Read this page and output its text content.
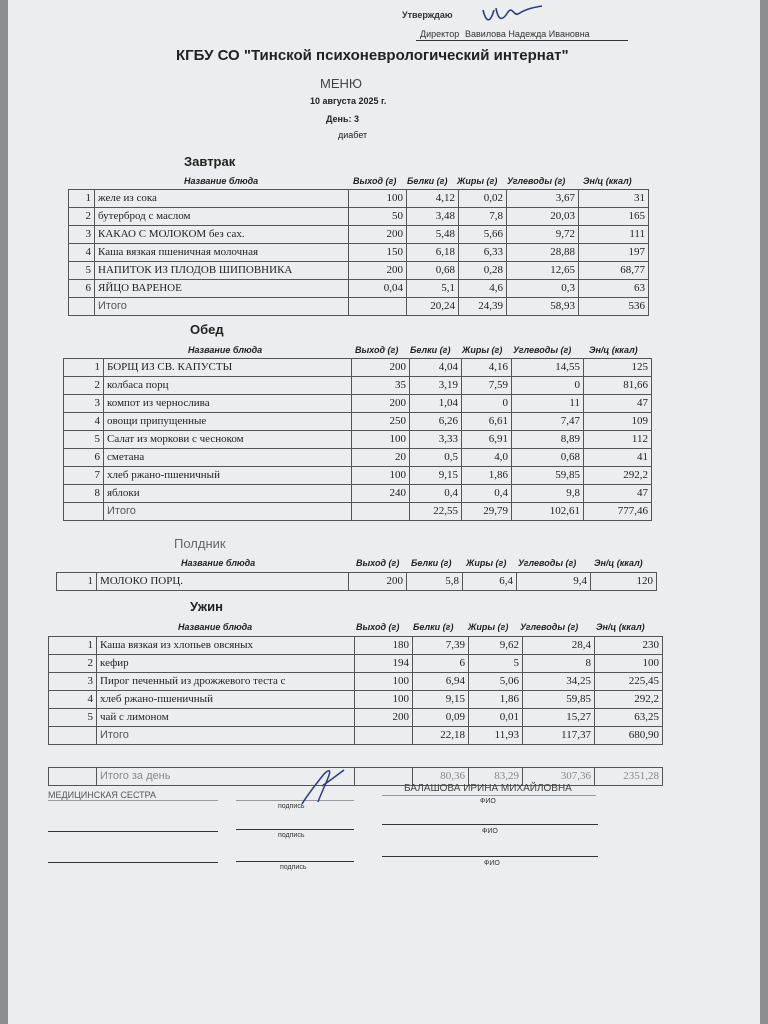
Утверждаю
Директор Вавилова Надежда Ивановна
КГБУ СО "Тинской психоневрологический интернат"
МЕНЮ
10 августа 2025 г.
День: 3
диабет
Завтрак
Название блюда	Выход (г) Белки (г) Жиры (г) Углеводы (г) Эн/ц (ккал)
1	желе из сока	100	4,12	0,02	3,67	31
2	бутерброд с маслом	50	3,48	7,8	20,03	165
3	КАКАО С МОЛОКОМ без сах.	200	5,48	5,66	9,72	111
4	Каша вязкая пшеничная молочная	150	6,18	6,33	28,88	197
5	НАПИТОК ИЗ ПЛОДОВ ШИПОВНИКА	200	0,68	0,28	12,65	68,77
6	ЯЙЦО ВАРЕНОЕ	0,04	5,1	4,6	0,3	63
	Итого		20,24	24,39	58,93	536
Обед
Название блюда	Выход (г) Белки (г) Жиры (г) Углеводы (г) Эн/ц (ккал)
1	БОРЩ ИЗ СВ. КАПУСТЫ	200	4,04	4,16	14,55	125
2	колбаса порц	35	3,19	7,59	0	81,66
3	компот из чернослива	200	1,04	0	11	47
4	овощи припущенные	250	6,26	6,61	7,47	109
5	Салат из моркови с чесноком	100	3,33	6,91	8,89	112
6	сметана	20	0,5	4,0	0,68	41
7	хлеб ржано-пшеничный	100	9,15	1,86	59,85	292,2
8	яблоки	240	0,4	0,4	9,8	47
	Итого		22,55	29,79	102,61	777,46
Полдник
Название блюда	Выход (г) Белки (г) Жиры (г) Углеводы (г) Эн/ц (ккал)
1	МОЛОКО ПОРЦ.	200	5,8	6,4	9,4	120
Ужин
Название блюда	Выход (г) Белки (г) Жиры (г) Углеводы (г) Эн/ц (ккал)
1	Каша вязкая из хлопьев овсяных	180	7,39	9,62	28,4	230
2	кефир	194	6	5	8	100
3	Пирог печенный из дрожжевого теста с	100	6,94	5,06	34,25	225,45
4	хлеб ржано-пшеничный	100	9,15	1,86	59,85	292,2
5	чай с лимоном	200	0,09	0,01	15,27	63,25
	Итого		22,18	11,93	117,37	680,90
	Итого за день		80,36	83,29	307,36	2351,28
МЕДИЦИНСКАЯ СЕСТРА
подпись
БАЛАШОВА ИРИНА МИХАЙЛОВНА
ФИО
подпись
ФИО
подпись
ФИО
